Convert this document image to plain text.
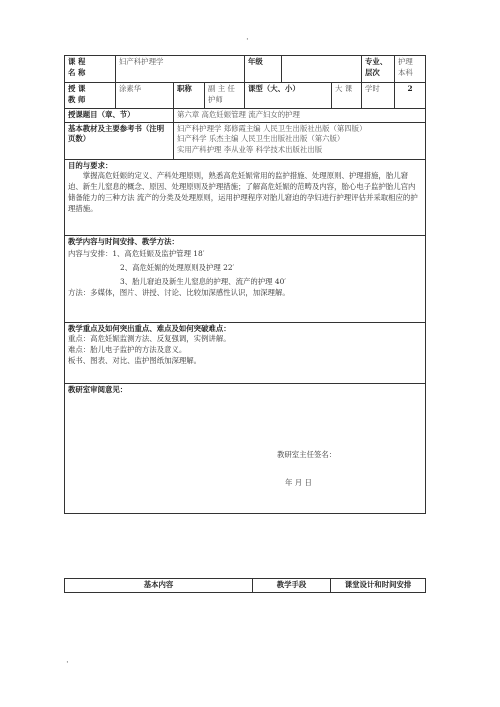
·
课 程
名 称	妇产科护理学			年级			专业、层次	护理 本科
授 课
教 师	涂素华	职称	副 主 任
护师	课型（大、小）		大 课	学时	2
授课题目（章、节）		第六章 高危妊娠管理 流产妇女的护理						
基本教材及主要参考书（注明页数）		妇产科护理学 郑修霞主编 人民卫生出版社出版（第四版）
妇产科学 乐杰主编 人民卫生出版社出版（第六版）
实用产科护理 李从业等 科学技术出版社出版						

目的与要求：
掌握高危妊娠的定义、产科处理原则，熟悉高危妊娠常用的监护措施、处理原则、护理措施，胎儿窘迫、新生儿窒息的概念、原因、处理原则及护理措施；了解高危妊娠的范畴及内容，胎心电子监护胎儿宫内储备能力的三种方法 流产的分类及处理原则，运用护理程序对胎儿窘迫的孕妇进行护理评估并采取相应的护理措施。								

教学内容与时间安排、教学方法：
内容与安排：1、高危妊娠及监护管理 18′
2、高危妊娠的处理原则及护理 22′
3、胎儿窘迫及新生儿窒息的护理、流产的护理 40′
方法：多媒体，图片、讲授、讨论、比较加深感性认识，加深理解。								

教学重点及如何突出重点、难点及如何突破难点：
重点：高危妊娠监测方法、反复强调，实例讲解。
难点：胎儿电子监护的方法及意义。
板书、图表、对比、监护图纸加深理解。								

教研室审阅意见：
教研室主任签名：
年 月 日								
基本内容	教学手段	课堂设计和时间安排
·
